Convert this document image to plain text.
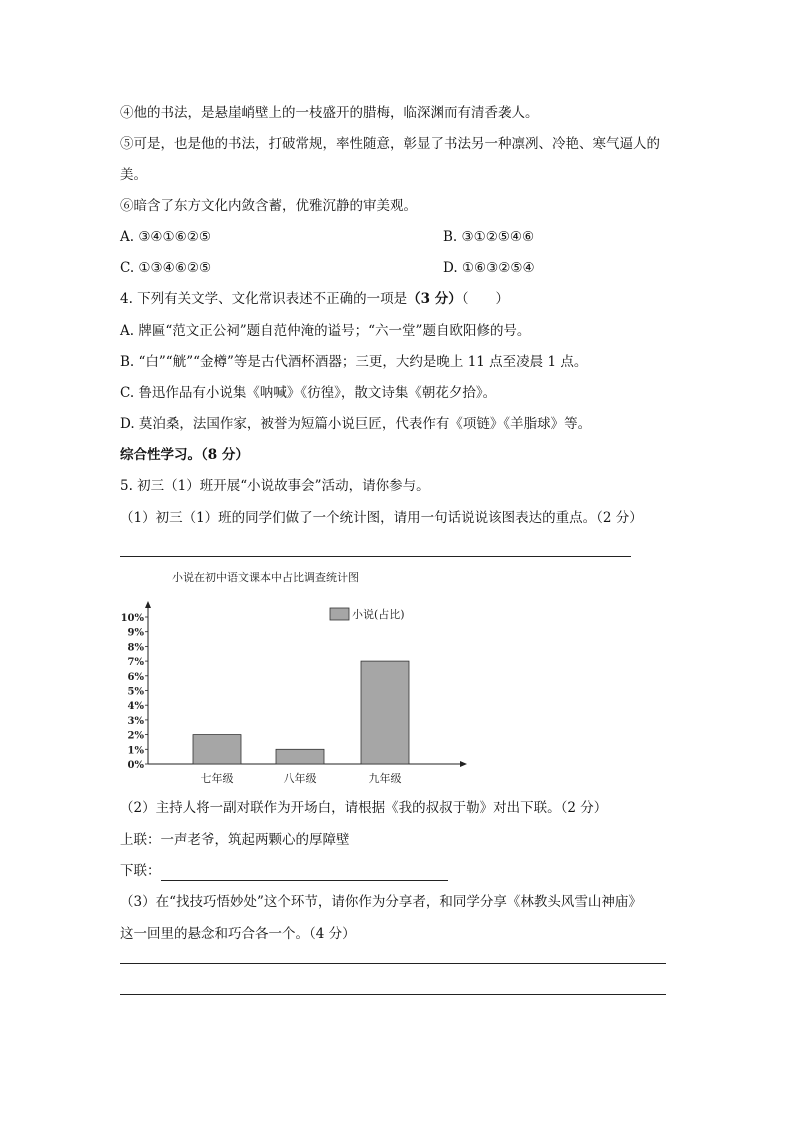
④他的书法，是悬崖峭壁上的一枝盛开的腊梅，临深渊而有清香袭人。
⑤可是，也是他的书法，打破常规，率性随意，彰显了书法另一种凛冽、冷艳、寒气逼人的
美。
⑥暗含了东方文化内敛含蓄，优雅沉静的审美观。
A. ③④①⑥②⑤	B. ③①②⑤④⑥
C. ①③④⑥②⑤	D. ①⑥③②⑤④
4. 下列有关文学、文化常识表述不正确的一项是（3 分）（　　）
A. 牌匾“范文正公祠”题自范仲淹的谥号；“六一堂”题自欧阳修的号。
B. “白”“觥”“金樽”等是古代酒杯酒器；三更，大约是晚上 11 点至凌晨 1 点。
C. 鲁迅作品有小说集《呐喊》《彷徨》，散文诗集《朝花夕拾》。
D. 莫泊桑，法国作家，被誉为短篇小说巨匠，代表作有《项链》《羊脂球》等。
综合性学习。（8 分）
5. 初三（1）班开展“小说故事会”活动，请你参与。
（1）初三（1）班的同学们做了一个统计图，请用一句话说说该图表达的重点。（2 分）
小说在初中语文课本中占比调查统计图
0%
1%
2%
3%
4%
5%
6%
7%
8%
9%
10%
七年级	八年级	九年级
小说(占比)
（2）主持人将一副对联作为开场白，请根据《我的叔叔于勒》对出下联。（2 分）
上联：一声老爷，筑起两颗心的厚障壁
下联：
（3）在“找技巧悟妙处”这个环节，请你作为分享者，和同学分享《林教头风雪山神庙》
这一回里的悬念和巧合各一个。（4 分）
